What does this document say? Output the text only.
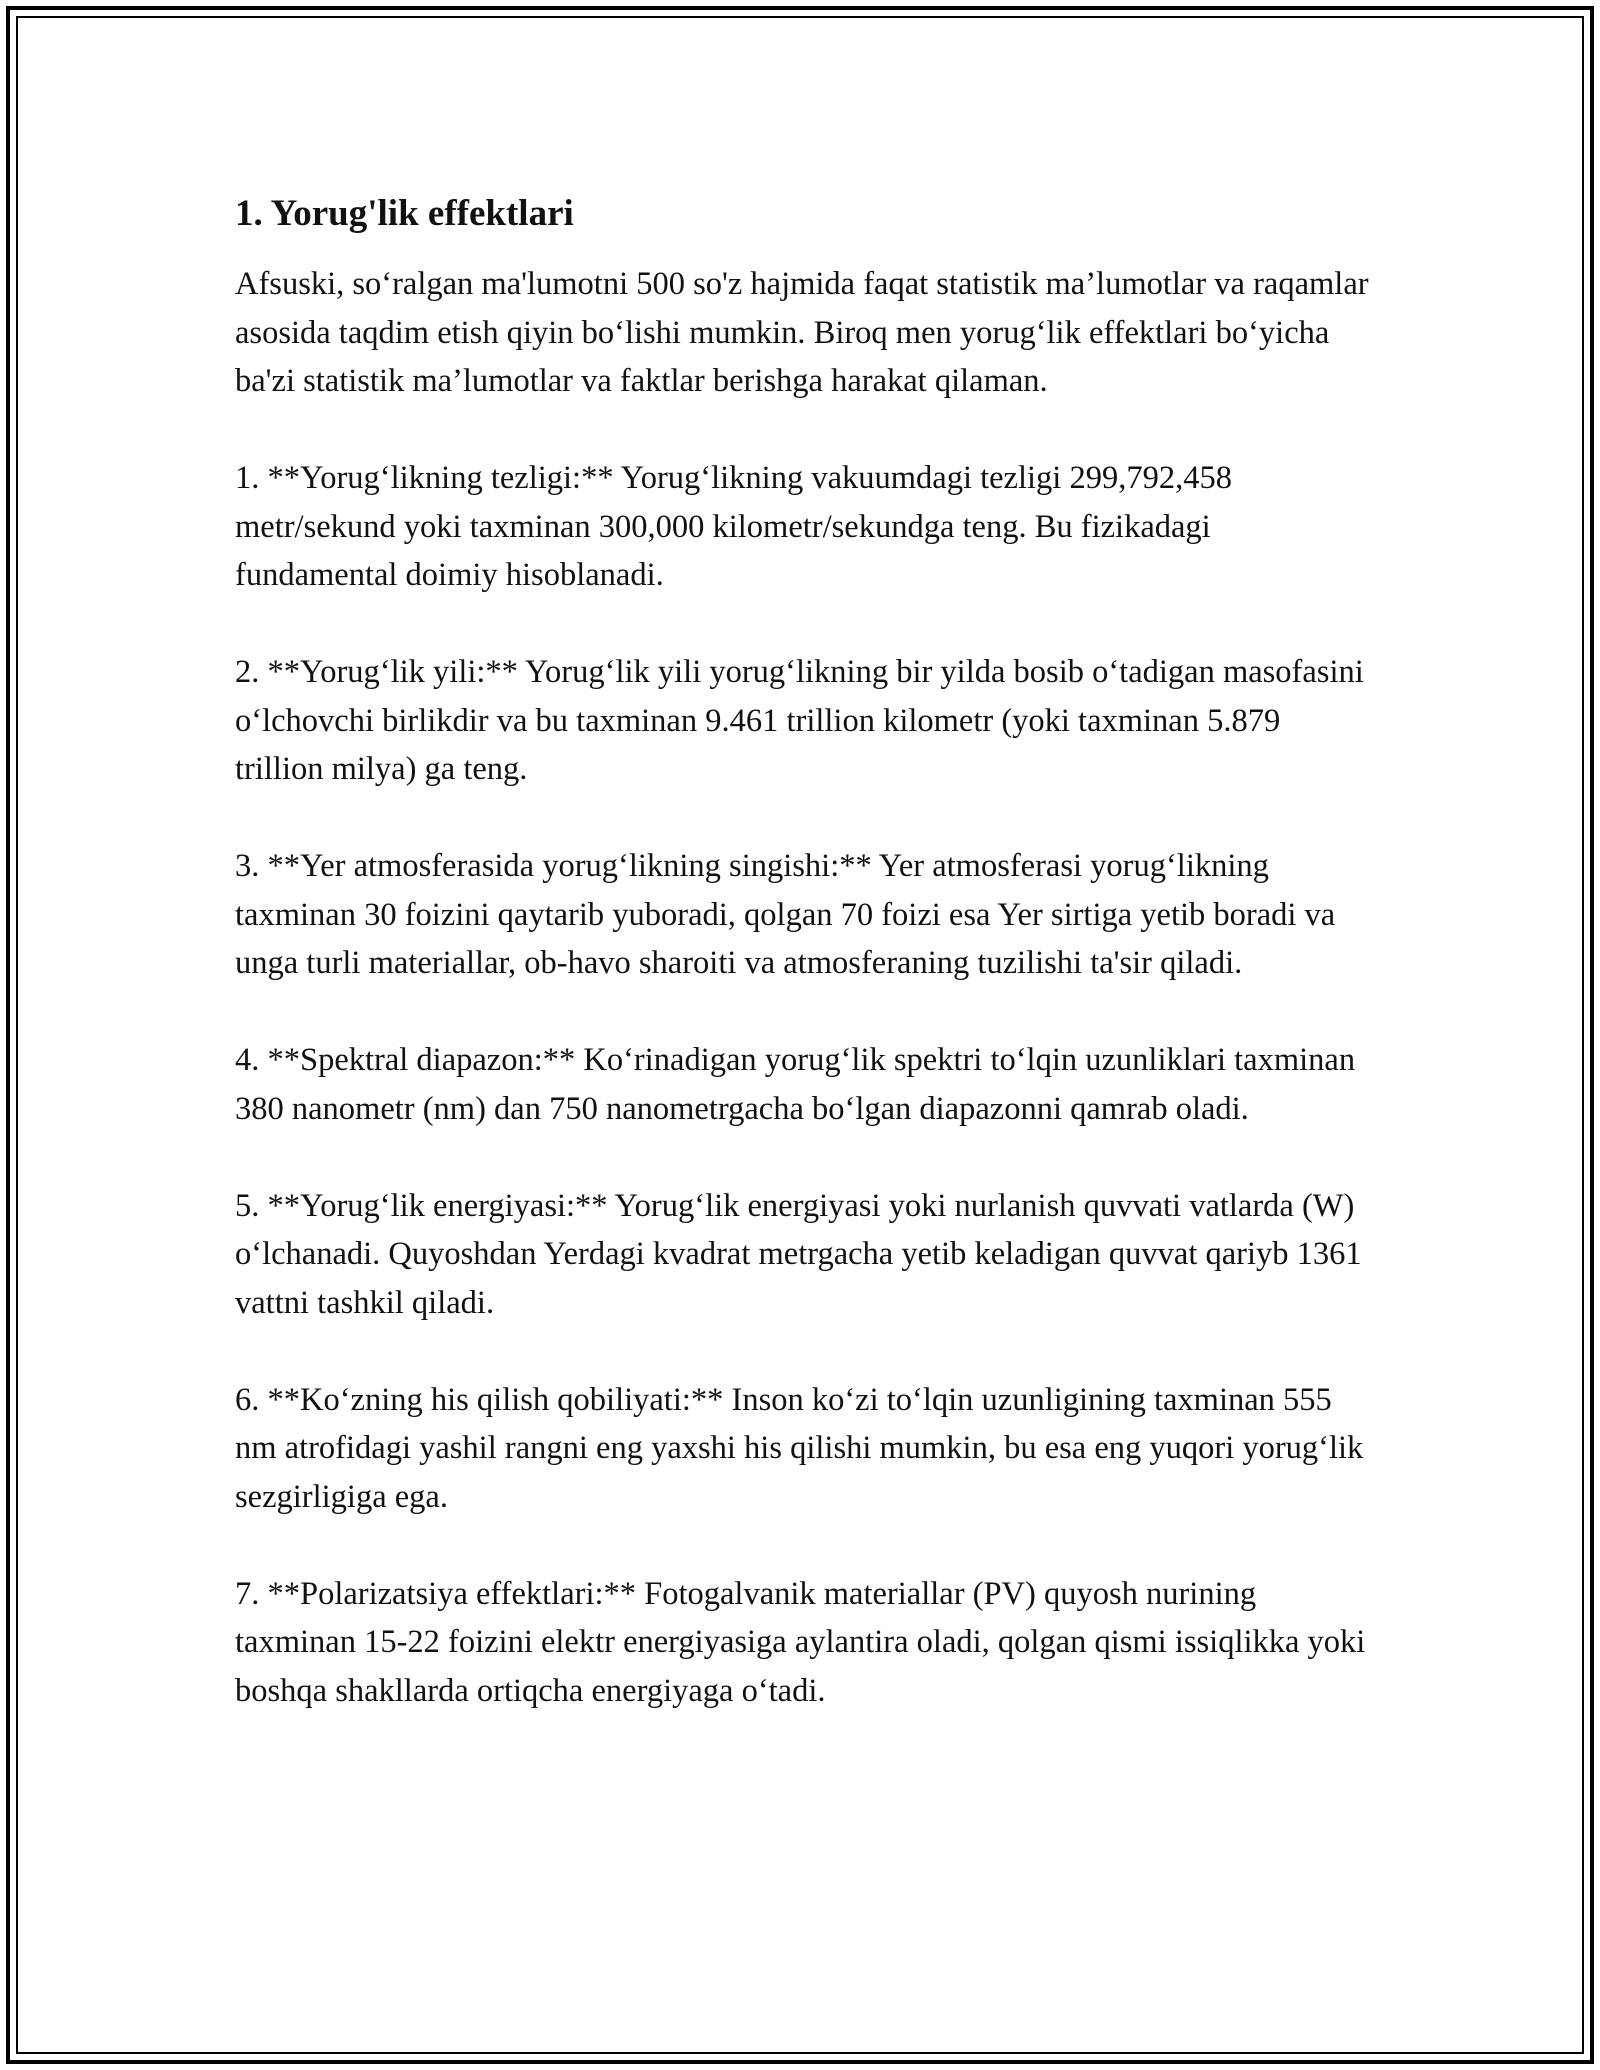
1. Yorug'lik effektlari

Afsuski, so‘ralgan ma'lumotni 500 so'z hajmida faqat statistik ma’lumotlar va raqamlar asosida taqdim etish qiyin bo‘lishi mumkin. Biroq men yorug‘lik effektlari bo‘yicha ba'zi statistik ma’lumotlar va faktlar berishga harakat qilaman.

1. **Yorug‘likning tezligi:** Yorug‘likning vakuumdagi tezligi 299,792,458 metr/sekund yoki taxminan 300,000 kilometr/sekundga teng. Bu fizikadagi fundamental doimiy hisoblanadi.

2. **Yorug‘lik yili:** Yorug‘lik yili yorug‘likning bir yilda bosib o‘tadigan masofasini o‘lchovchi birlikdir va bu taxminan 9.461 trillion kilometr (yoki taxminan 5.879 trillion milya) ga teng.

3. **Yer atmosferasida yorug‘likning singishi:** Yer atmosferasi yorug‘likning taxminan 30 foizini qaytarib yuboradi, qolgan 70 foizi esa Yer sirtiga yetib boradi va unga turli materiallar, ob-havo sharoiti va atmosferaning tuzilishi ta'sir qiladi.

4. **Spektral diapazon:** Ko‘rinadigan yorug‘lik spektri to‘lqin uzunliklari taxminan 380 nanometr (nm) dan 750 nanometrgacha bo‘lgan diapazonni qamrab oladi.

5. **Yorug‘lik energiyasi:** Yorug‘lik energiyasi yoki nurlanish quvvati vatlarda (W) o‘lchanadi. Quyoshdan Yerdagi kvadrat metrgacha yetib keladigan quvvat qariyb 1361 vattni tashkil qiladi.

6. **Ko‘zning his qilish qobiliyati:** Inson ko‘zi to‘lqin uzunligining taxminan 555 nm atrofidagi yashil rangni eng yaxshi his qilishi mumkin, bu esa eng yuqori yorug‘lik sezgirligiga ega.

7. **Polarizatsiya effektlari:** Fotogalvanik materiallar (PV) quyosh nurining taxminan 15-22 foizini elektr energiyasiga aylantira oladi, qolgan qismi issiqlikka yoki boshqa shakllarda ortiqcha energiyaga o‘tadi.
